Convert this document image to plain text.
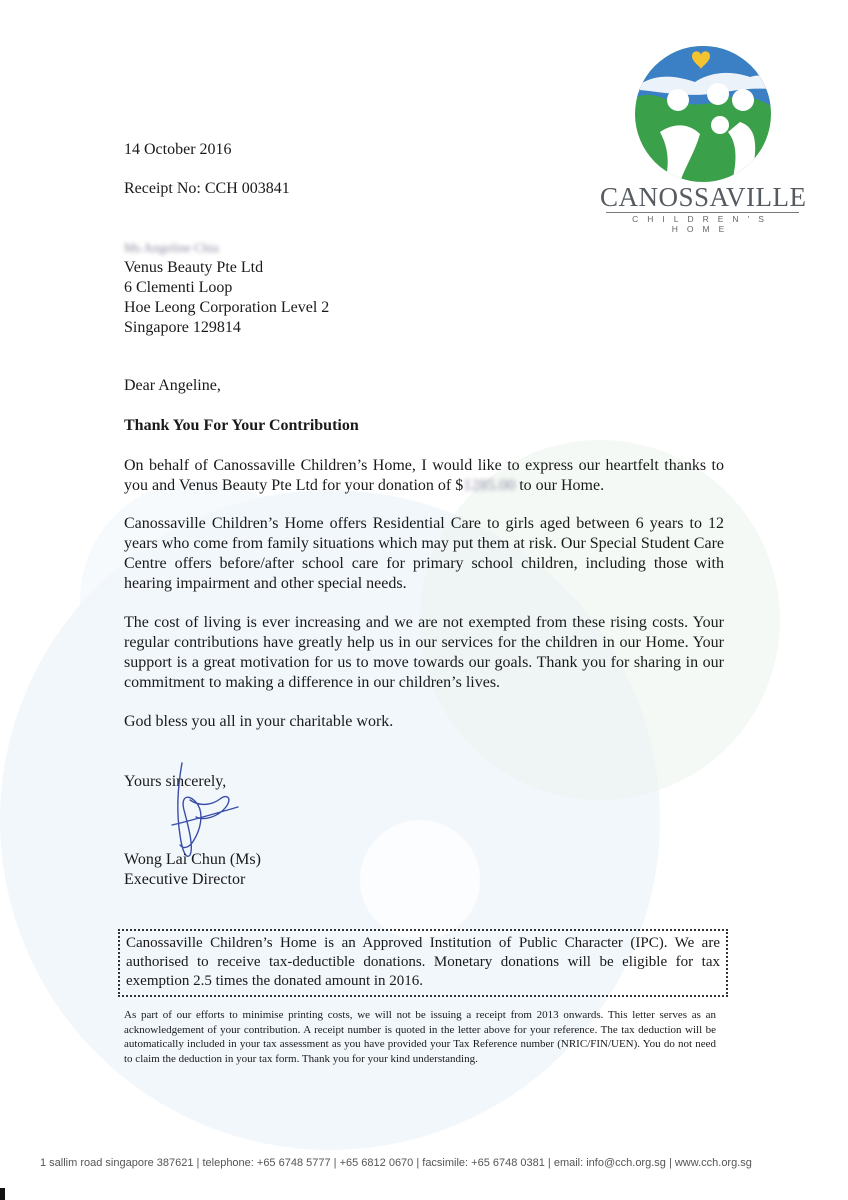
CANOSSAVILLE
CHILDREN'S HOME
14 October 2016
Receipt No: CCH 003841
Ms Angeline Chia
Venus Beauty Pte Ltd
6 Clementi Loop
Hoe Leong Corporation Level 2
Singapore 129814
Dear Angeline,
Thank You For Your Contribution
On behalf of Canossaville Children’s Home, I would like to express our heartfelt thanks to you and Venus Beauty Pte Ltd for your donation of $1285.00 to our Home.
Canossaville Children’s Home offers Residential Care to girls aged between 6 years to 12 years who come from family situations which may put them at risk. Our Special Student Care Centre offers before/after school care for primary school children, including those with hearing impairment and other special needs.
The cost of living is ever increasing and we are not exempted from these rising costs. Your regular contributions have greatly help us in our services for the children in our Home. Your support is a great motivation for us to move towards our goals. Thank you for sharing in our commitment to making a difference in our children’s lives.
God bless you all in your charitable work.
Yours sincerely,
Wong Lai Chun (Ms)
Executive Director
Canossaville Children’s Home is an Approved Institution of Public Character (IPC). We are authorised to receive tax-deductible donations. Monetary donations will be eligible for tax exemption 2.5 times the donated amount in 2016.
As part of our efforts to minimise printing costs, we will not be issuing a receipt from 2013 onwards. This letter serves as an acknowledgement of your contribution. A receipt number is quoted in the letter above for your reference. The tax deduction will be automatically included in your tax assessment as you have provided your Tax Reference number (NRIC/FIN/UEN). You do not need to claim the deduction in your tax form. Thank you for your kind understanding.
1 sallim road singapore 387621 | telephone: +65 6748 5777 | +65 6812 0670 | facsimile: +65 6748 0381 | email: info@cch.org.sg | www.cch.org.sg
